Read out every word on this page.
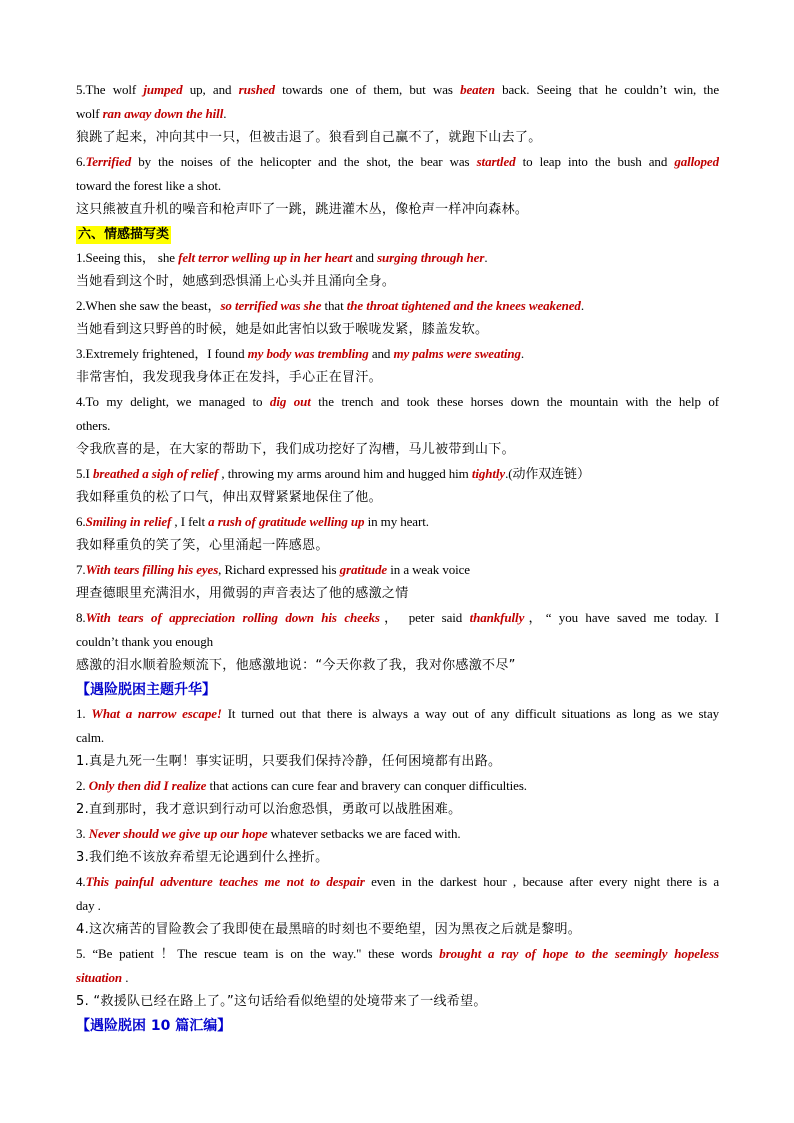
5.The wolf jumped up, and rushed towards one of them, but was beaten back. Seeing that he couldn’t win, the
wolf ran away down the hill.
狼跳了起来，冲向其中一只，但被击退了。狼看到自己赢不了，就跑下山去了。
6.Terrified by the noises of the helicopter and the shot, the bear was startled to leap into the bush and galloped
toward the forest like a shot.
这只熊被直升机的噪音和枪声吓了一跳，跳进灌木丛，像枪声一样冲向森林。
六、情感描写类
1.Seeing this， she felt terror welling up in her heart and surging through her.
当她看到这个时，她感到恐惧涌上心头并且涌向全身。
2.When she saw the beast，so terrified was she that the throat tightened and the knees weakened.
当她看到这只野兽的时候，她是如此害怕以致于喉咙发紧，膝盖发软。
3.Extremely frightened，I found my body was trembling and my palms were sweating.
非常害怕，我发现我身体正在发抖，手心正在冒汗。
4.To my delight, we managed to dig out the trench and took these horses down the mountain with the help of
others.
令我欣喜的是，在大家的帮助下，我们成功挖好了沟槽，马儿被带到山下。
5.I breathed a sigh of relief , throwing my arms around him and hugged him tightly.(动作双连链）
我如释重负的松了口气，伸出双臂紧紧地保住了他。
6.Smiling in relief , I felt a rush of gratitude welling up in my heart.
我如释重负的笑了笑，心里涌起一阵感恩。
7.With tears filling his eyes, Richard expressed his gratitude in a weak voice
理查德眼里充满泪水，用微弱的声音表达了他的感激之情
8.With tears of appreciation rolling down his cheeks， peter said thankfully，“ you have saved me today. I
couldn’t thank you enough
感激的泪水顺着脸颊流下，他感激地说：“今天你救了我，我对你感激不尽”
【遇险脱困主题升华】
1. What a narrow escape! It turned out that there is always a way out of any difficult situations as long as we stay
calm.
1.真是九死一生啊！事实证明，只要我们保持冷静，任何困境都有出路。
2. Only then did I realize that actions can cure fear and bravery can conquer difficulties.
2.直到那时，我才意识到行动可以治愈恐惧，勇敢可以战胜困难。
3. Never should we give up our hope whatever setbacks we are faced with.
3.我们绝不该放弃希望无论遇到什么挫折。
4.This painful adventure teaches me not to despair even in the darkest hour , because after every night there is a
day .
4.这次痛苦的冒险教会了我即使在最黑暗的时刻也不要绝望，因为黑夜之后就是黎明。
5. “Be patient ！The rescue team is on the way." these words brought a ray of hope to the seemingly hopeless
situation .
5. “救援队已经在路上了。”这句话给看似绝望的处境带来了一线希望。
【遇险脱困 10 篇汇编】
